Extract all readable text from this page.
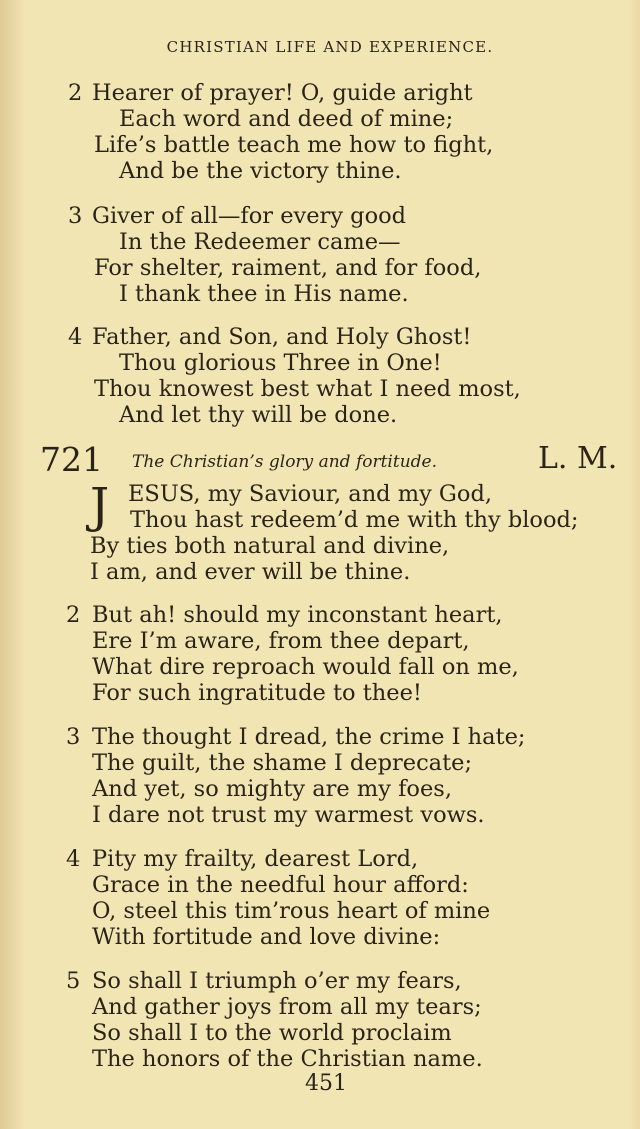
CHRISTIAN LIFE AND EXPERIENCE.
2 Hearer of prayer! O, guide aright
Each word and deed of mine;
Life’s battle teach me how to fight,
And be the victory thine.
3 Giver of all—for every good
In the Redeemer came—
For shelter, raiment, and for food,
I thank thee in His name.
4 Father, and Son, and Holy Ghost!
Thou glorious Three in One!
Thou knowest best what I need most,
And let thy will be done.
721 The Christian’s glory and fortitude.	L. M.
J ESUS, my Saviour, and my God,
Thou hast redeem’d me with thy blood;
By ties both natural and divine,
I am, and ever will be thine.
2 But ah! should my inconstant heart,
Ere I’m aware, from thee depart,
What dire reproach would fall on me,
For such ingratitude to thee!
3 The thought I dread, the crime I hate;
The guilt, the shame I deprecate;
And yet, so mighty are my foes,
I dare not trust my warmest vows.
4 Pity my frailty, dearest Lord,
Grace in the needful hour afford:
O, steel this tim’rous heart of mine
With fortitude and love divine:
5 So shall I triumph o’er my fears,
And gather joys from all my tears;
So shall I to the world proclaim
The honors of the Christian name.
451
